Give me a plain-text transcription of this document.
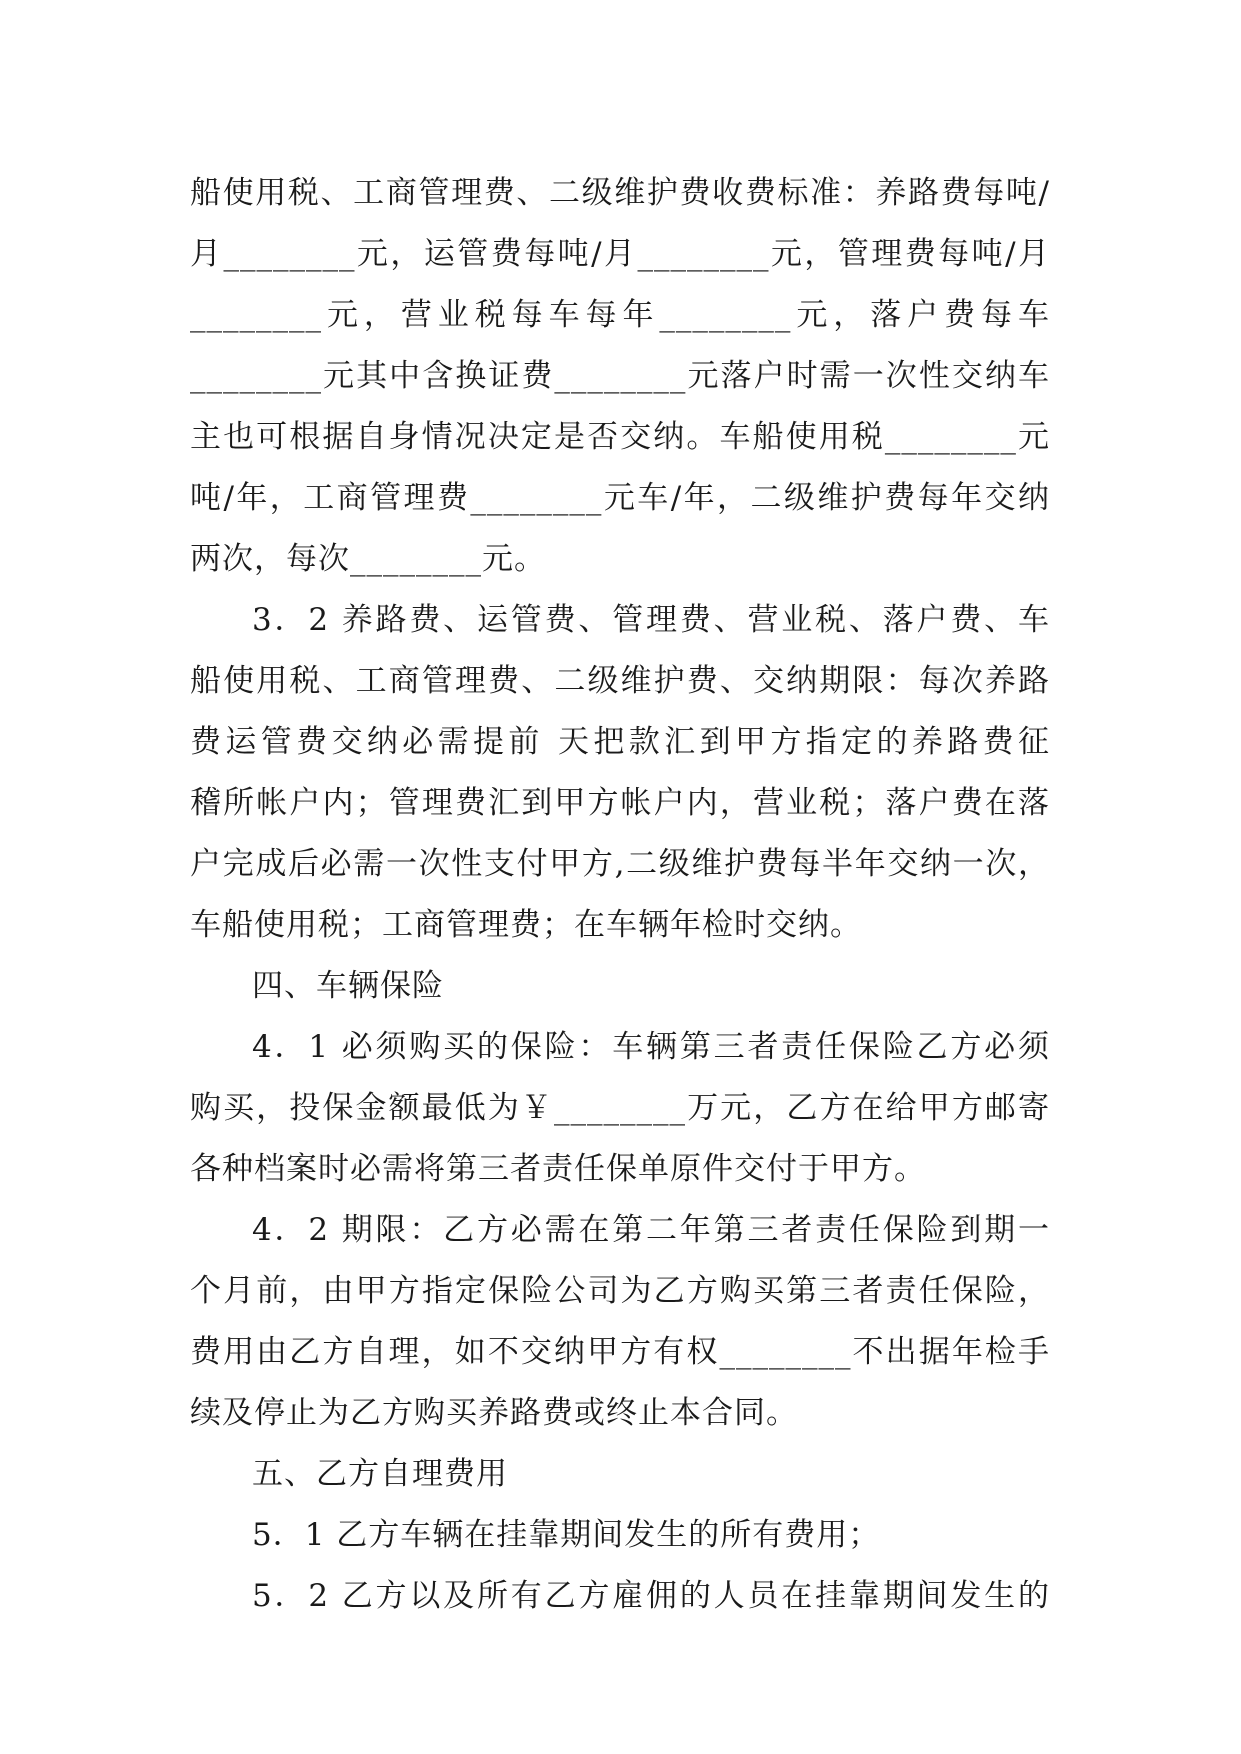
船使用税、工商管理费、二级维护费收费标准：养路费每吨/
月________元，运管费每吨/月________元，管理费每吨/月
________元，营业税每车每年________元，落户费每车
________元其中含换证费________元落户时需一次性交纳车
主也可根据自身情况决定是否交纳。车船使用税________元
吨/年，工商管理费________元车/年，二级维护费每年交纳
两次，每次________元。
3．2 养路费、运管费、管理费、营业税、落户费、车
船使用税、工商管理费、二级维护费、交纳期限：每次养路
费运管费交纳必需提前 天把款汇到甲方指定的养路费征
稽所帐户内；管理费汇到甲方帐户内，营业税；落户费在落
户完成后必需一次性支付甲方,二级维护费每半年交纳一次，
车船使用税；工商管理费；在车辆年检时交纳。
四、车辆保险
4．1 必须购买的保险：车辆第三者责任保险乙方必须
购买，投保金额最低为￥________万元，乙方在给甲方邮寄
各种档案时必需将第三者责任保单原件交付于甲方。
4．2 期限：乙方必需在第二年第三者责任保险到期一
个月前，由甲方指定保险公司为乙方购买第三者责任保险，
费用由乙方自理，如不交纳甲方有权________不出据年检手
续及停止为乙方购买养路费或终止本合同。
五、乙方自理费用
5．1 乙方车辆在挂靠期间发生的所有费用；
5．2 乙方以及所有乙方雇佣的人员在挂靠期间发生的
